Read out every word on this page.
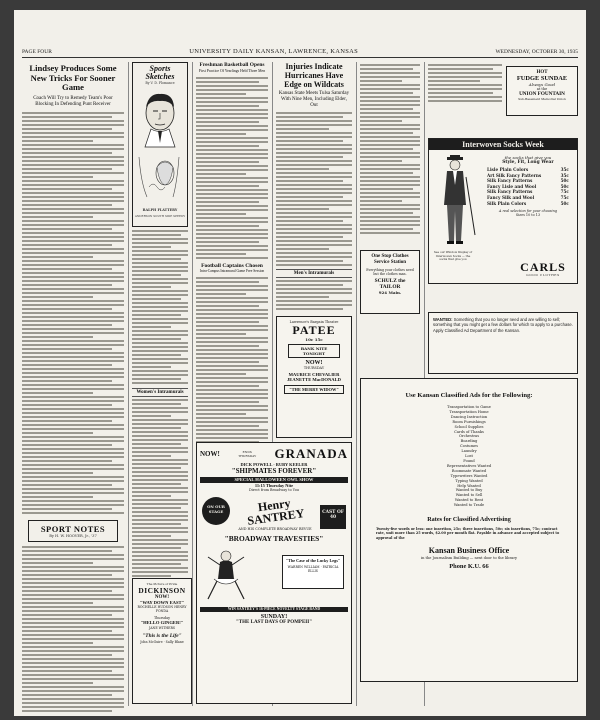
PAGE FOUR	UNIVERSITY DAILY KANSAN, LAWRENCE, KANSAS	WEDNESDAY, OCTOBER 30, 1935
Lindsey Produces Some New Tricks For Sooner Game
Coach Will Try to Remedy Team's Poor Blocking In Defending Punt Receiver
SPORT NOTES
By H. W. HOOVER, Jr., '37
Sports Sketches
By V. D. Flomance
RALPH FLATTERY
ANDERSON SOUTH SIDE SPEEDY
Women's Intramurals
Freshman Basketball Opens
First Practice Of Yearlings Held Three Men
Football Captains Chosen
Intra-Campus Intramural Game Free Session
Injuries Indicate Hurricanes Have Edge on Wildcats
Kansas State Meets Tulsa Saturday With Nine Men, Including Elder, Out
Men's Intramurals
HOT
FUDGE SUNDAE
Always Good
at the
UNION FOUNTAIN
Sub-Basement Memorial Union
Interwoven Socks Week
the socks that give you
Style, Fit, Long Wear
Lisle Plain Colors	35c
Art Silk Fancy Patterns	35c
Silk Fancy Patterns	50c
Fancy Lisle and Wool	50c
Silk Fancy Patterns	75c
Fancy Silk and Wool	75c
Silk Plain Colors	50c
A real selection for your choosing
Sizes 10 to 13
See our Window Display of Interwoven Socks — the socks that give you
CARLS
GOOD CLOTHES
Lawrence's Bargain Theatre
PATEE
10c 15c
BANK NITE TONIGHT
NOW!
THURSDAY
MAURICE CHEVALIER
JEANETTE MacDONALD
"THE MERRY WIDOW"
One Stop Clothes Service Station
Everything your clothes need but the clothes man.
SCHULZ the TAILOR
924 Main.
WANTED: Something that you no longer need and are willing to sell; something that you might get a few dollars for which to apply to a purchase. Apply Classified Ad Department of the Kansan.
Use Kansan Classified Ads for the Following:
Transportation to Game
Transportation Home
Dancing Instruction
Room Furnishings
School Supplies
Cards of Thanks
Orchestras
Boarding
Costumes
Laundry
Lost
Found
Representatives Wanted
Roommate Wanted
Typewriters Wanted
Typing Wanted
Help Wanted
Wanted to Buy
Wanted to Sell
Wanted to Rent
Wanted to Trade
Rates for Classified Advertising
Twenty-five words or less: one insertion, 25c; three insertions, 50c; six insertions, 75c; contract rate, unit more than 25 words, $2.00 per month flat. Payable in advance and accepted subject to approval of the
Kansan Business Office
in the Journalism Building — next door to the library
Phone K.U. 66
NOW!	ENDS THURSDAY GRANADA
DICK POWELL · RUBY KEELER
"SHIPMATES FOREVER"
SPECIAL HALLOWEEN OWL SHOW
11:15 Thursday Nite
Direct from Broadway to You
ON OUR STAGE	Henry SANTREY	CAST OF 40
AND HIS COMPLETE BROADWAY REVUE
"BROADWAY TRAVESTIES"
"The Case of the Lucky Legs"
WARREN WILLIAM · PATRICIA ELLIS
WIN SANTREY'S 16-PIECE NOVELTY STAGE BAND
SUNDAY!
"THE LAST DAYS OF POMPEII"
The Picture of Pride
DICKINSON
NOW!
"WAY DOWN EAST"
ROCHELLE HUDSON HENRY FONDA
Thursday
"HELLO GINGER!"
JANE WITHERS
"This is the Life"
John McGuire · Sally Blane
